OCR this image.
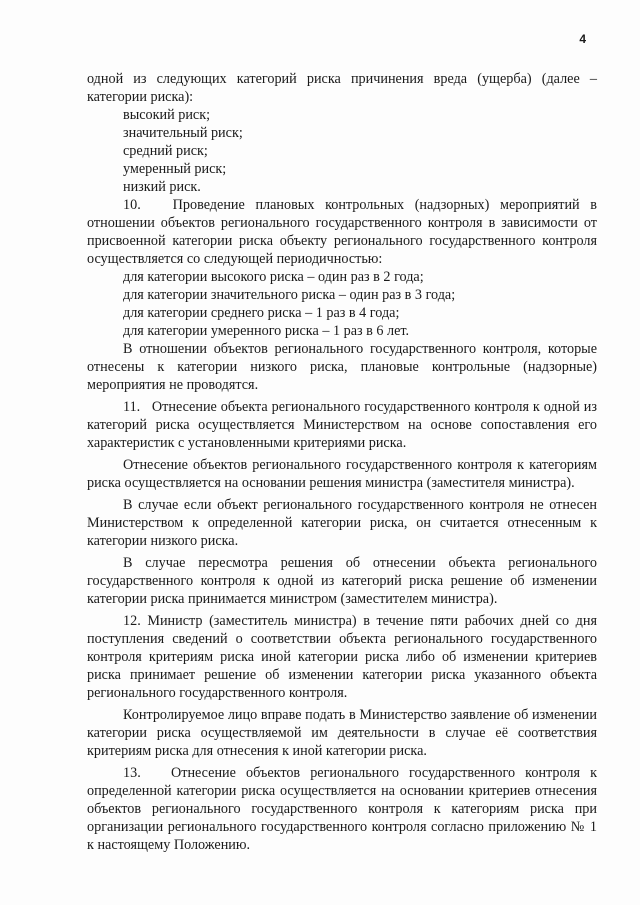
4

одной из следующих категорий риска причинения вреда (ущерба) (далее – категории риска):

высокий риск;

значительный риск;

средний риск;

умеренный риск;

низкий риск.

10.   Проведение плановых контрольных (надзорных) мероприятий в отношении объектов регионального государственного контроля в зависимости от присвоенной категории риска объекту регионального государственного контроля осуществляется со следующей периодичностью:

для категории высокого риска – один раз в 2 года;

для категории значительного риска – один раз в 3 года;

для категории среднего риска – 1 раз в 4 года;

для категории умеренного риска – 1 раз в 6 лет.

В отношении объектов регионального государственного контроля, которые отнесены к категории низкого риска, плановые контрольные (надзорные) мероприятия не проводятся.

11.   Отнесение объекта регионального государственного контроля к одной из категорий риска осуществляется Министерством на основе сопоставления его характеристик с установленными критериями риска.

Отнесение объектов регионального государственного контроля к категориям риска осуществляется на основании решения министра (заместителя министра).

В случае если объект регионального государственного контроля не отнесен Министерством к определенной категории риска, он считается отнесенным к категории низкого риска.

В случае пересмотра решения об отнесении объекта регионального государственного контроля к одной из категорий риска решение об изменении категории риска принимается министром (заместителем министра).

12. Министр (заместитель министра) в течение пяти рабочих дней со дня поступления сведений о соответствии объекта регионального государственного контроля критериям риска иной категории риска либо об изменении критериев риска принимает решение об изменении категории риска указанного объекта регионального государственного контроля.

Контролируемое лицо вправе подать в Министерство заявление об изменении категории риска осуществляемой им деятельности в случае её соответствия критериям риска для отнесения к иной категории риска.

13.   Отнесение объектов регионального государственного контроля к определенной категории риска осуществляется на основании критериев отнесения объектов регионального государственного контроля к категориям риска при организации регионального государственного контроля согласно приложению № 1 к настоящему Положению.
